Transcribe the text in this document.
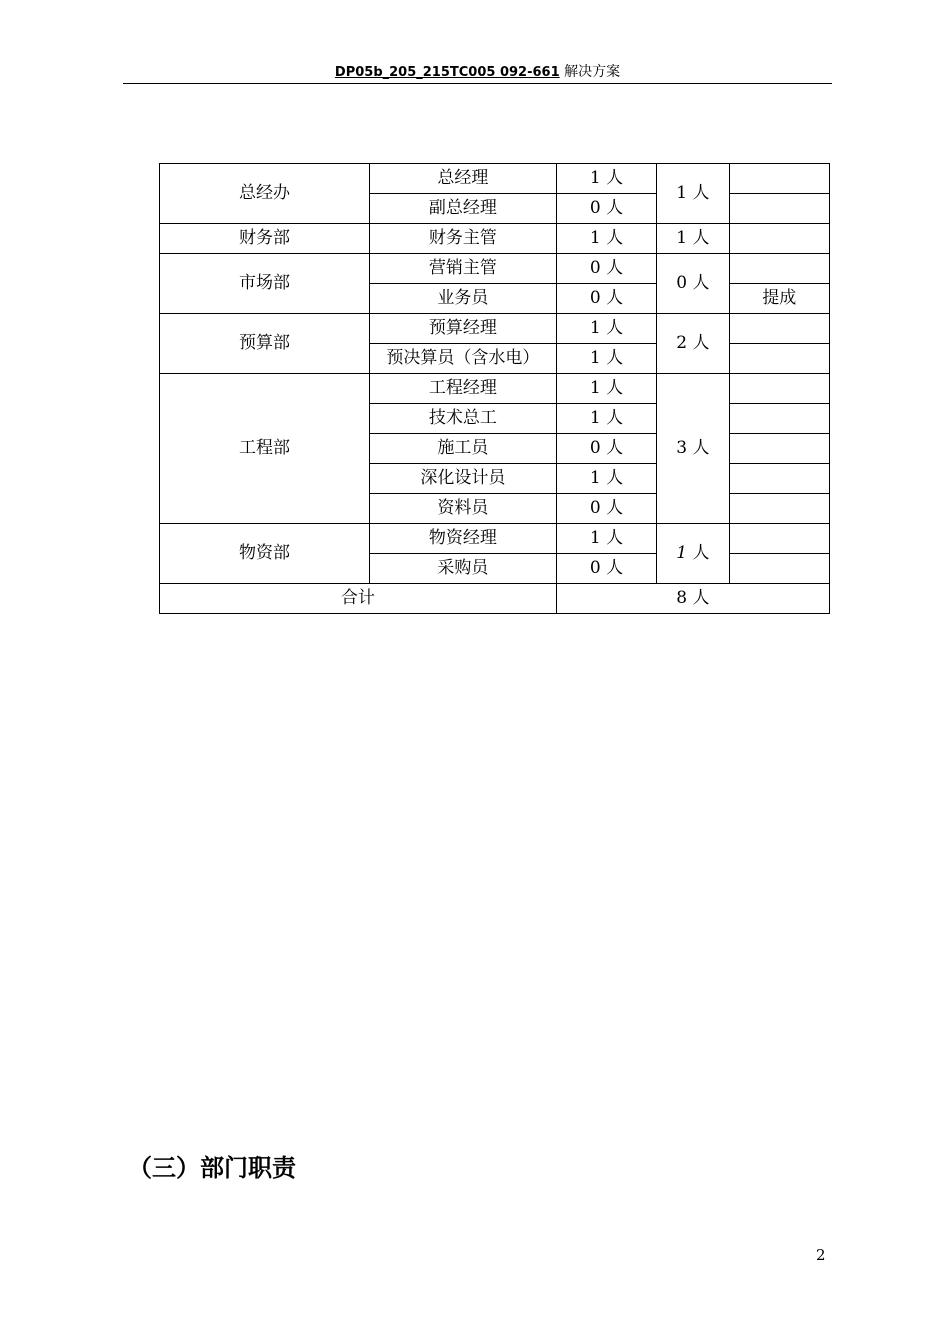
DP05b_205_215TC005 092-661 解决方案
总经办	总经理	1 人	1 人	
	副总经理	0 人		
财务部	财务主管	1 人	1 人	
市场部	营销主管	0 人	0 人	
	业务员	0 人		提成
预算部	预算经理	1 人	2 人	
	预决算员（含水电）	1 人		
工程部	工程经理	1 人	3 人	
	技术总工	1 人		
	施工员	0 人		
	深化设计员	1 人		
	资料员	0 人		
物资部	物资经理	1 人	1 人	
	采购员	0 人		
合计		8 人		
（三）部门职责
2
